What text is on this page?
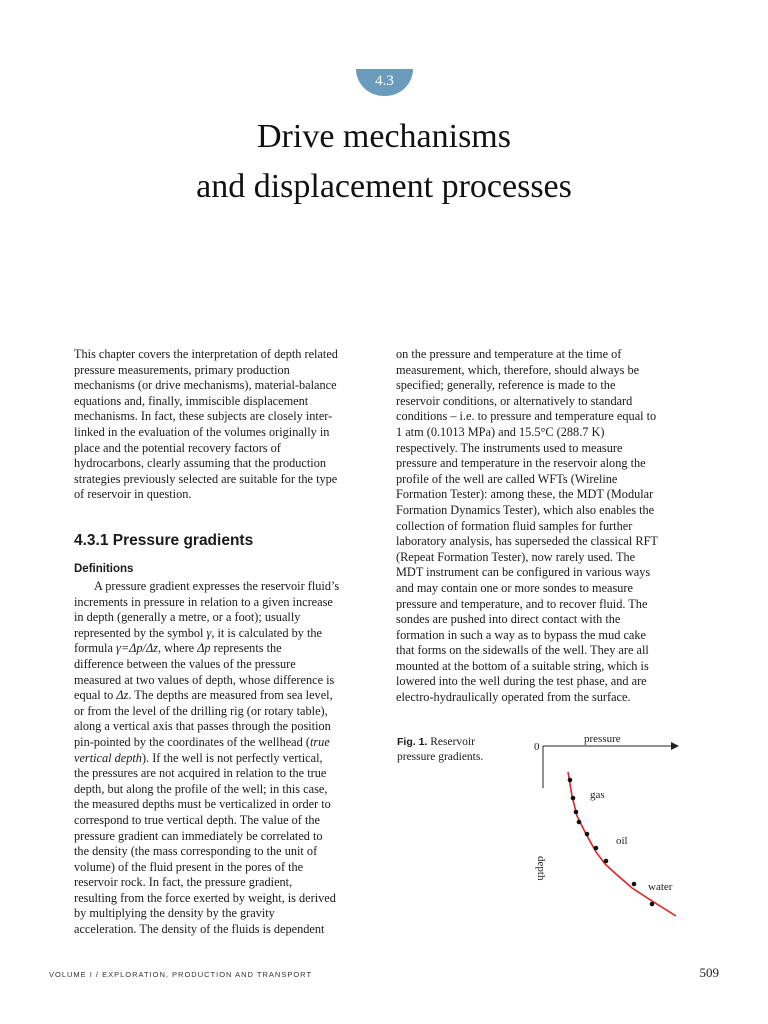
4.3
Drive mechanisms
and displacement processes

This chapter covers the interpretation of depth related

pressure measurements, primary production

mechanisms (or drive mechanisms), material-balance

equations and, finally, immiscible displacement

mechanisms. In fact, these subjects are closely inter-

linked in the evaluation of the volumes originally in

place and the potential recovery factors of

hydrocarbons, clearly assuming that the production

strategies previously selected are suitable for the type

of reservoir in question.

4.3.1 Pressure gradients
Definitions
A pressure gradient expresses the reservoir fluid’s
increments in pressure in relation to a given increase
in depth (generally a metre, or a foot); usually
represented by the symbol γ, it is calculated by the
formula γ=Δp/Δz, where Δp represents the
difference between the values of the pressure
measured at two values of depth, whose difference is
equal to Δz. The depths are measured from sea level,
or from the level of the drilling rig (or rotary table),
along a vertical axis that passes through the position
pin-pointed by the coordinates of the wellhead (true
vertical depth). If the well is not perfectly vertical,
the pressures are not acquired in relation to the true
depth, but along the profile of the well; in this case,
the measured depths must be verticalized in order to
correspond to true vertical depth. The value of the
pressure gradient can immediately be correlated to
the density (the mass corresponding to the unit of
volume) of the fluid present in the pores of the
reservoir rock. In fact, the pressure gradient,
resulting from the force exerted by weight, is derived
by multiplying the density by the gravity
acceleration. The density of the fluids is dependent

on the pressure and temperature at the time of

measurement, which, therefore, should always be

specified; generally, reference is made to the

reservoir conditions, or alternatively to standard

conditions – i.e. to pressure and temperature equal to

1 atm (0.1013 MPa) and 15.5°C (288.7 K)

respectively. The instruments used to measure

pressure and temperature in the reservoir along the

profile of the well are called WFTs (Wireline

Formation Tester): among these, the MDT (Modular

Formation Dynamics Tester), which also enables the

collection of formation fluid samples for further

laboratory analysis, has superseded the classical RFT

(Repeat Formation Tester), now rarely used. The

MDT instrument can be configured in various ways

and may contain one or more sondes to measure

pressure and temperature, and to recover fluid. The

sondes are pushed into direct contact with the

formation in such a way as to bypass the mud cake

that forms on the sidewalls of the well. They are all

mounted at the bottom of a suitable string, which is

lowered into the well during the test phase, and are

electro-hydraulically operated from the surface.

Fig. 1. Reservoir
pressure gradients.
0
pressure
depth
gas
oil
water
VOLUME I / EXPLORATION, PRODUCTION AND TRANSPORT	509
